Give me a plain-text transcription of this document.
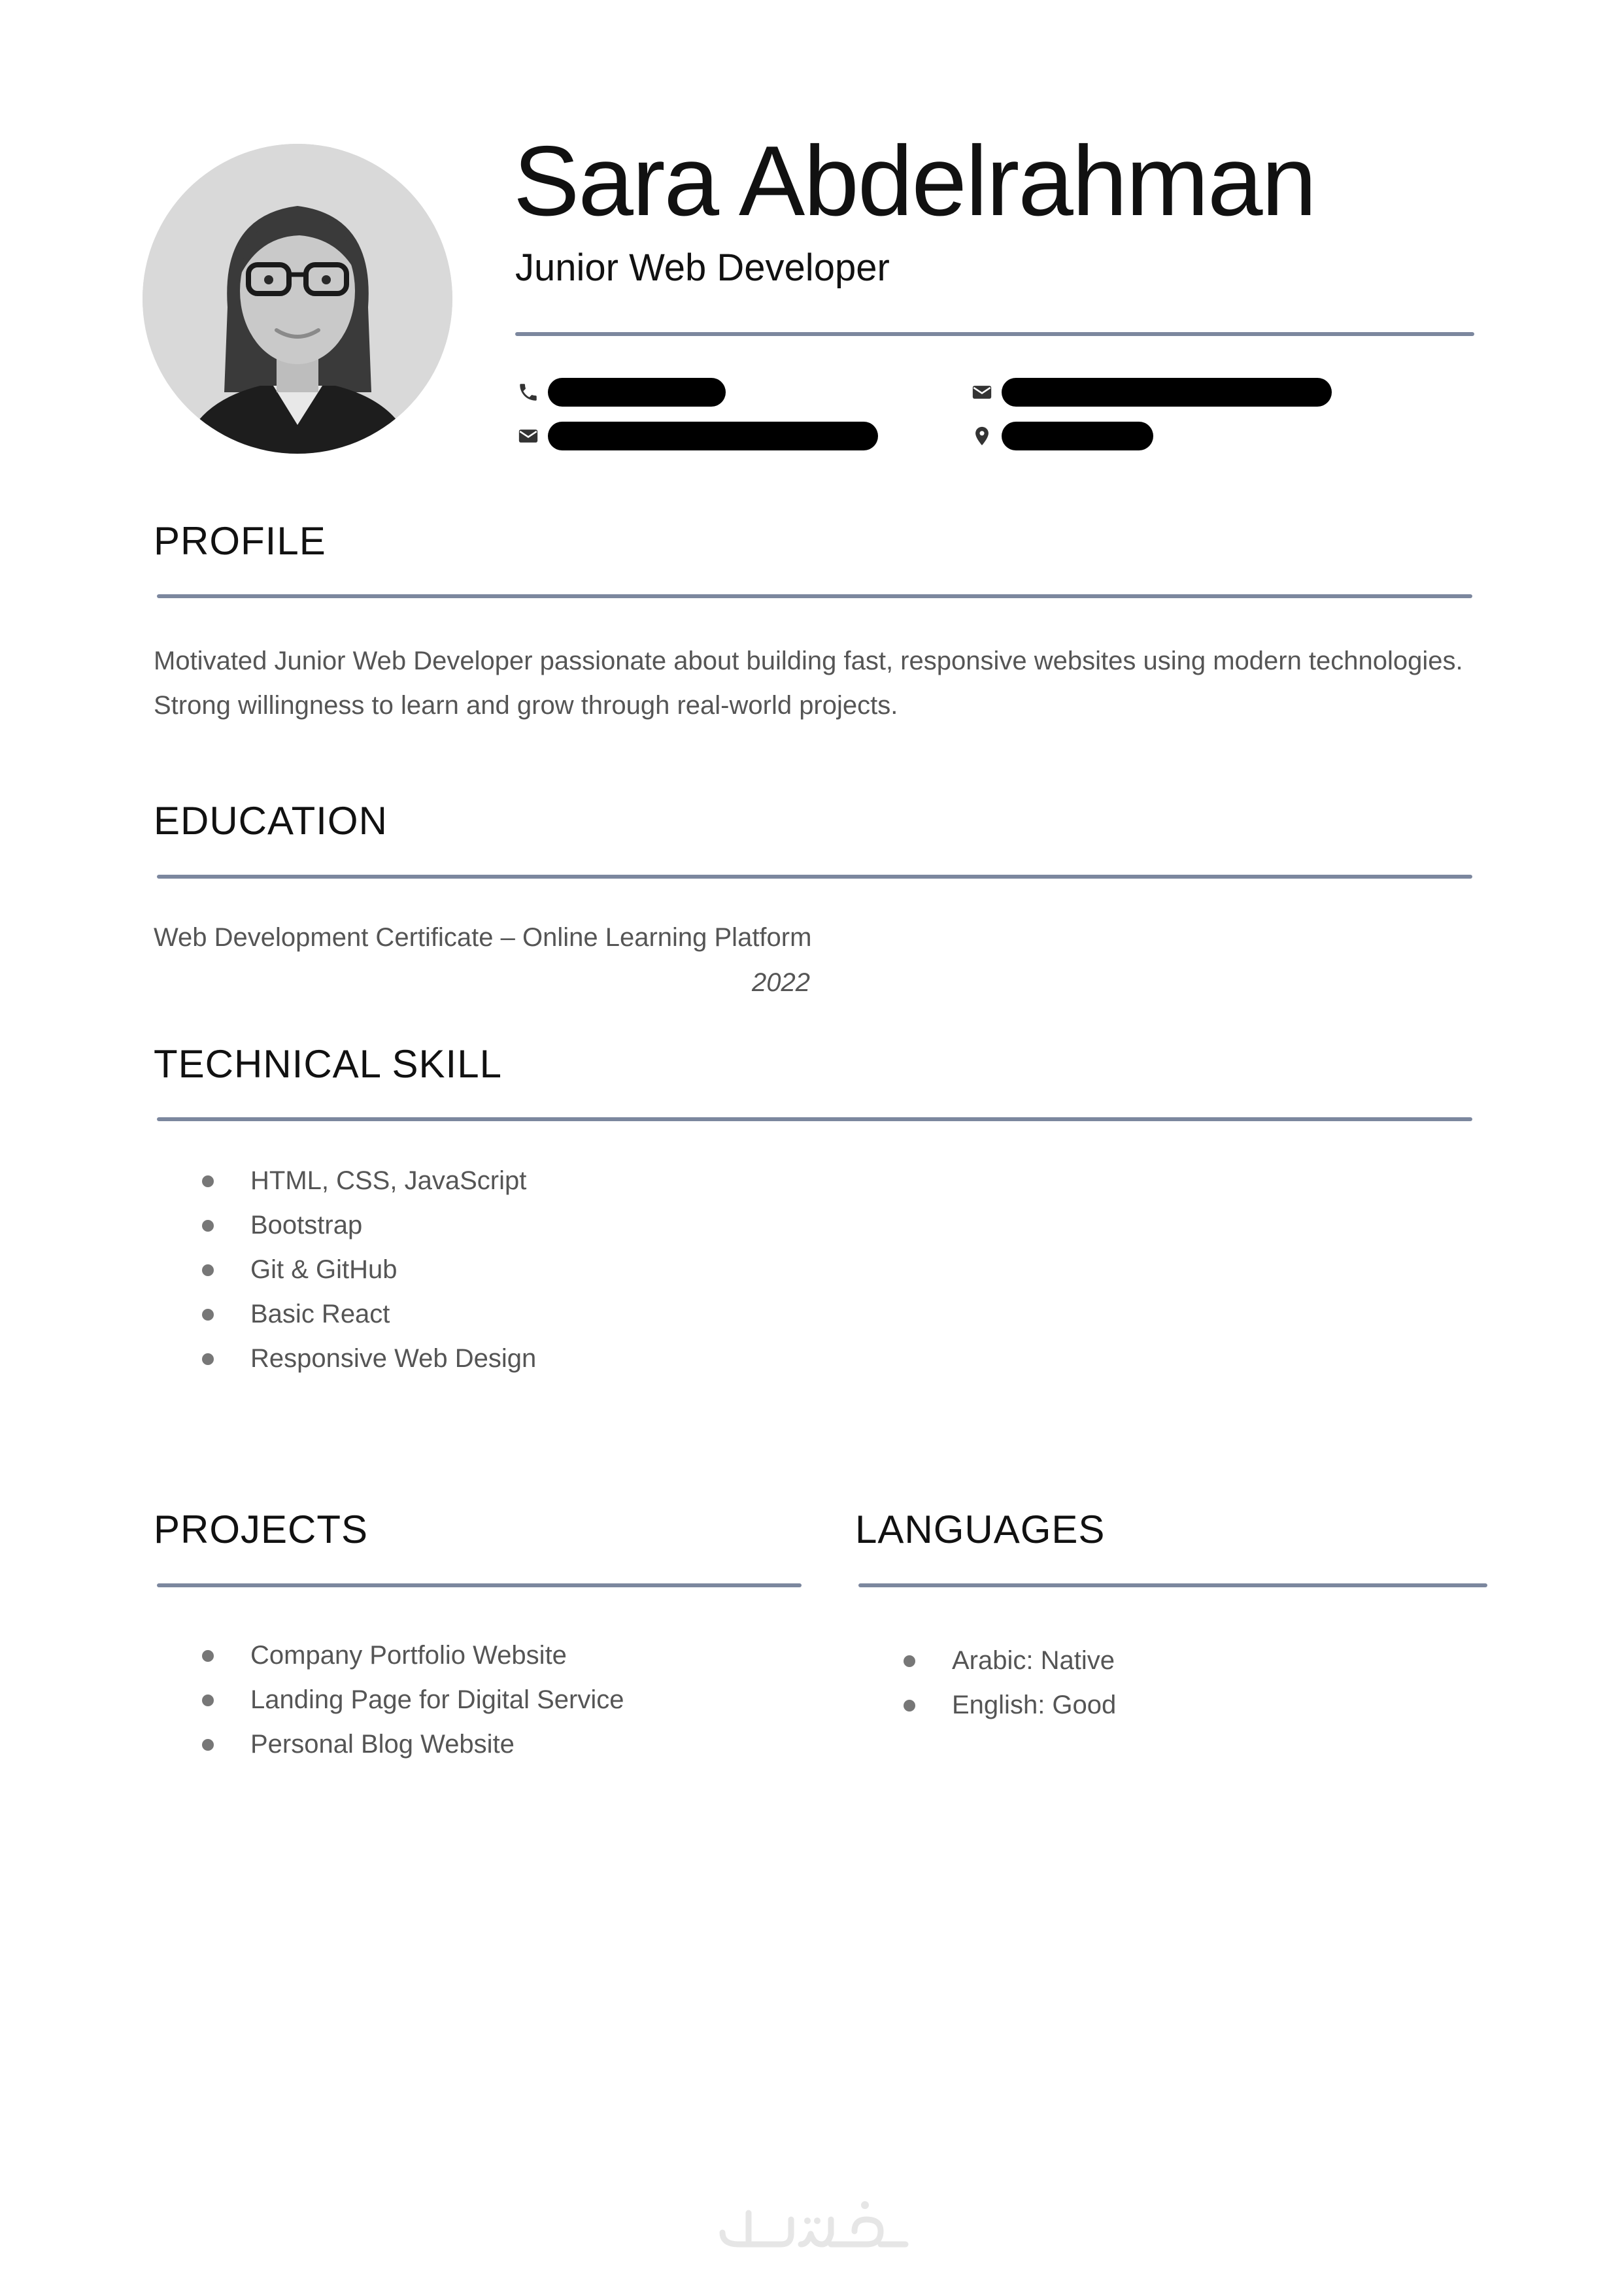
Sara Abdelrahman
Junior Web Developer
PROFILE
Motivated Junior Web Developer passionate about building fast, responsive websites using modern technologies.
Strong willingness to learn and grow through real-world projects.
EDUCATION
Web Development Certificate – Online Learning Platform
2022
TECHNICAL SKILL
HTML, CSS, JavaScript
Bootstrap
Git & GitHub
Basic React
Responsive Web Design
PROJECTS
Company Portfolio Website
Landing Page for Digital Service
Personal Blog Website
LANGUAGES
Arabic: Native
English: Good
